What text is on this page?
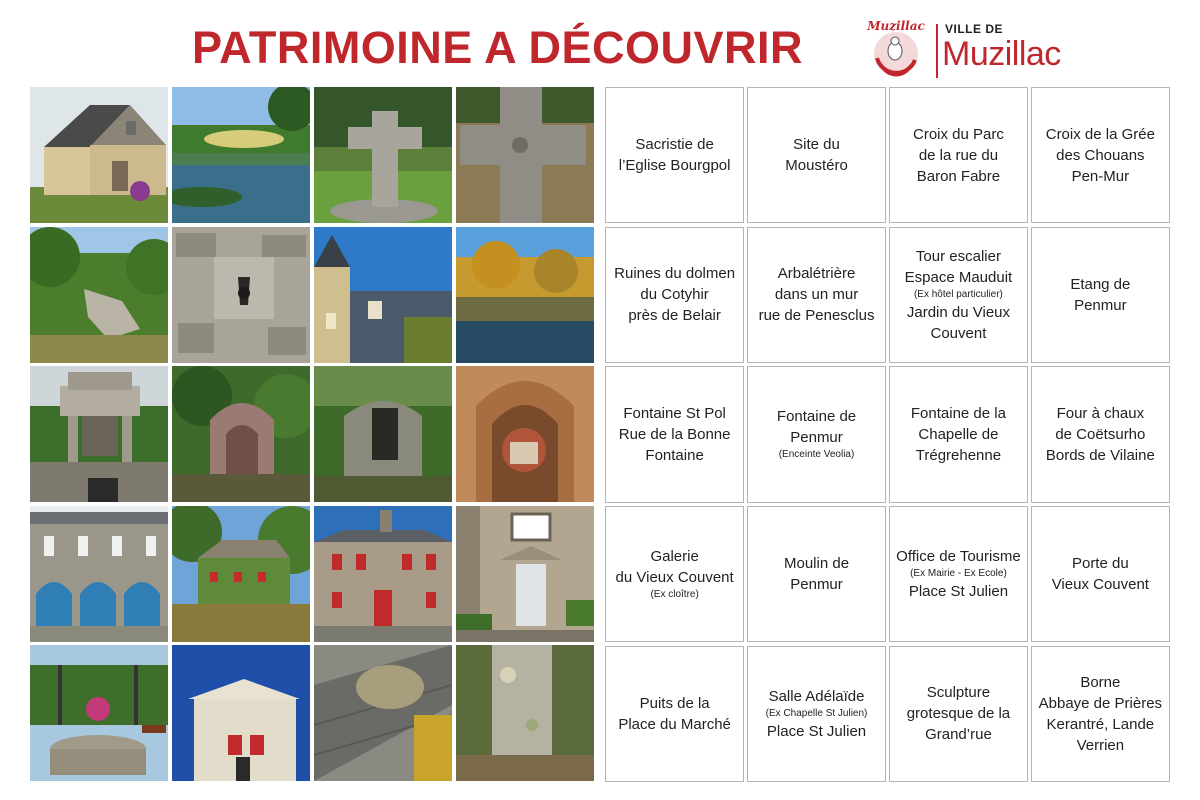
PATRIMOINE A DÉCOUVRIR	Muzillac VILLE DE
Muzillac
Sacristie de
l’Eglise Bourgpol
Site du
Moustéro
Croix du Parc
de la rue du
Baron Fabre
Croix de la Grée
des Chouans
Pen-Mur
Ruines du dolmen
du Cotyhir
près de Belair
Arbalétrière
dans un mur
rue de Penesclus
Tour escalier
Espace Mauduit
(Ex hôtel particulier)
Jardin du Vieux
Couvent
Etang de
Penmur
Fontaine St Pol
Rue de la Bonne
Fontaine
Fontaine de
Penmur
(Enceinte Veolia)
Fontaine de la
Chapelle de
Trégrehenne
Four à chaux
de Coëtsurho
Bords de Vilaine
Galerie
du Vieux Couvent
(Ex cloître)
Moulin de
Penmur
Office de Tourisme
(Ex Mairie - Ex Ecole)
Place St Julien
Porte du
Vieux Couvent
Puits de la
Place du Marché
Salle Adélaïde
(Ex Chapelle St Julien)
Place St Julien
Sculpture
grotesque de la
Grand’rue
Borne
Abbaye de Prières
Kerantré, Lande
Verrien
